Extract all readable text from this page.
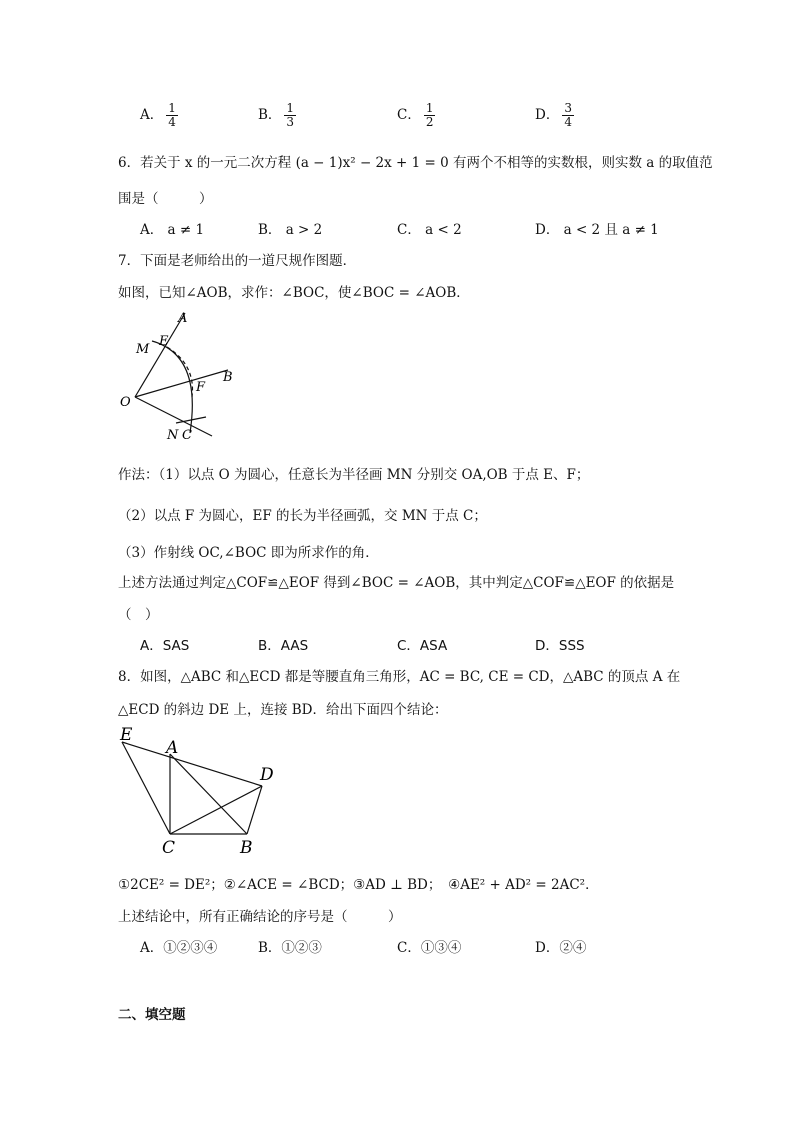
A． $\frac{1}{4}$	B． $\frac{1}{3}$	C． $\frac{1}{2}$	D． $\frac{3}{4}$
6．若关于 x 的一元二次方程 (a − 1)x² − 2x + 1 = 0 有两个不相等的实数根，则实数 a 的取值范
围是（　　　）
A． a ≠ 1	B． a > 2	C． a < 2	D． a < 2 且 a ≠ 1
7．下面是老师给出的一道尺规作图题．
如图，已知∠AOB，求作：∠BOC，使∠BOC = ∠AOB．
A
M
E
B
F
O
N C
作法：（1）以点 O 为圆心，任意长为半径画 MN 分别交 OA,OB 于点 E、F；
（2）以点 F 为圆心，EF 的长为半径画弧，交 MN 于点 C；
（3）作射线 OC,∠BOC 即为所求作的角．
上述方法通过判定△COF≌△EOF 得到∠BOC = ∠AOB，其中判定△COF≌△EOF 的依据是
（　）
A．SAS	B．AAS	C．ASA	D．SSS
8．如图，△ABC 和△ECD 都是等腰直角三角形，AC = BC, CE = CD，△ABC 的顶点 A 在
△ECD 的斜边 DE 上，连接 BD．给出下面四个结论：
E
A
D
C	B
①2CE² = DE²；②∠ACE = ∠BCD；③AD ⊥ BD；　④AE² + AD² = 2AC²．
上述结论中，所有正确结论的序号是（　　　）
A．①②③④	B．①②③	C．①③④	D．②④
二、填空题
